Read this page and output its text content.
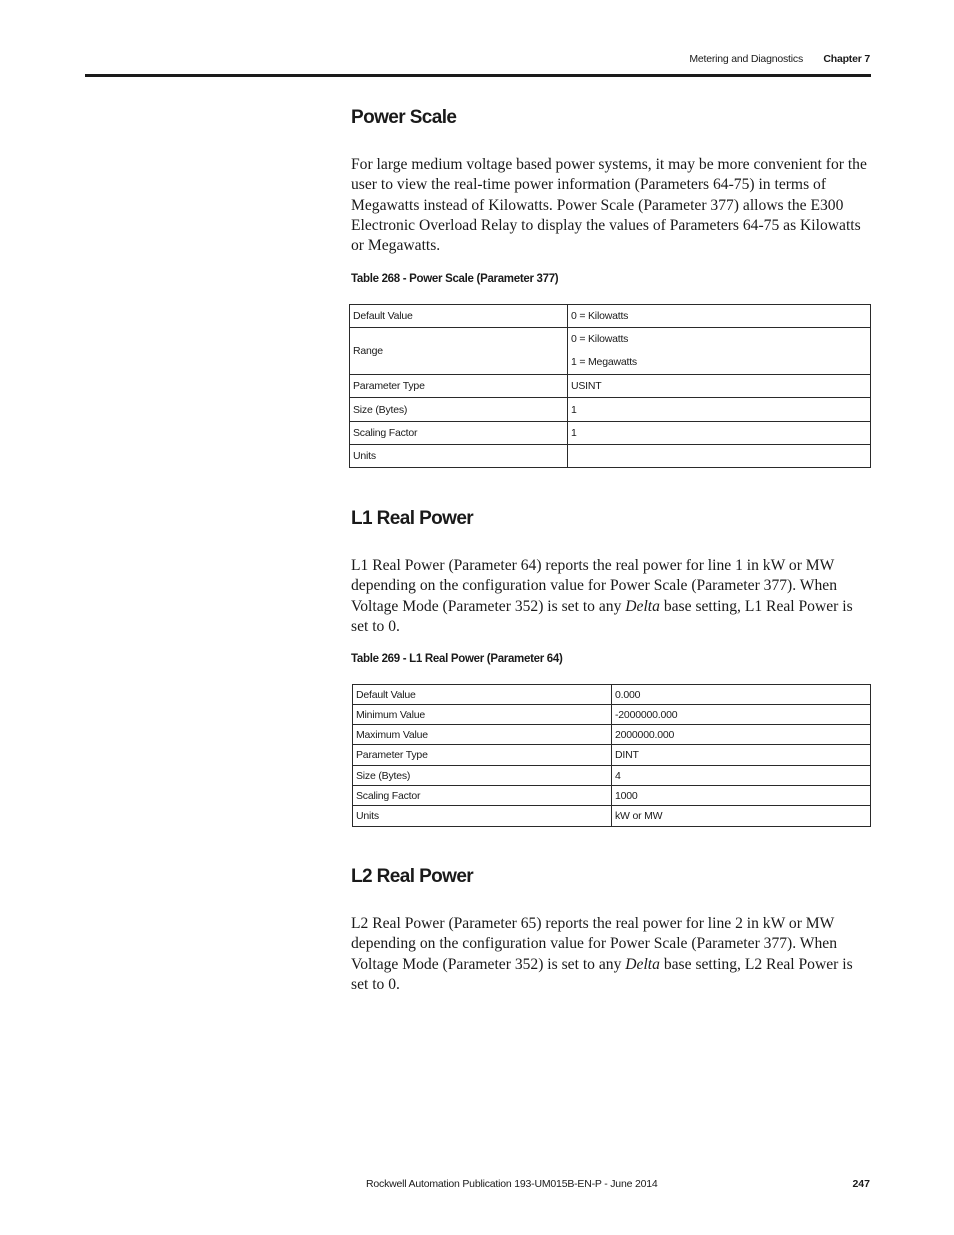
Metering and Diagnostics Chapter 7
Power Scale

For large medium voltage based power systems, it may be more convenient for the user to view the real-time power information (Parameters 64-75) in terms of Megawatts instead of Kilowatts. Power Scale (Parameter 377) allows the E300 Electronic Overload Relay to display the values of Parameters 64-75 as Kilowatts or Megawatts.

Table 268 - Power Scale (Parameter 377)

Default Value	0 = Kilowatts
Range	0 = Kilowatts
1 = Megawatts

Parameter Type	USINT
Size (Bytes)	1
Scaling Factor	1
Units	
L1 Real Power

L1 Real Power (Parameter 64) reports the real power for line 1 in kW or MW depending on the configuration value for Power Scale (Parameter 377). When Voltage Mode (Parameter 352) is set to any Delta base setting, L1 Real Power is set to 0.

Table 269 - L1 Real Power (Parameter 64)

Default Value	0.000
Minimum Value	-2000000.000
Maximum Value	2000000.000
Parameter Type	DINT
Size (Bytes)	4
Scaling Factor	1000
Units	kW or MW
L2 Real Power

L2 Real Power (Parameter 65) reports the real power for line 2 in kW or MW depending on the configuration value for Power Scale (Parameter 377). When Voltage Mode (Parameter 352) is set to any Delta base setting, L2 Real Power is set to 0.

Rockwell Automation Publication 193-UM015B-EN-P - June 2014	247
